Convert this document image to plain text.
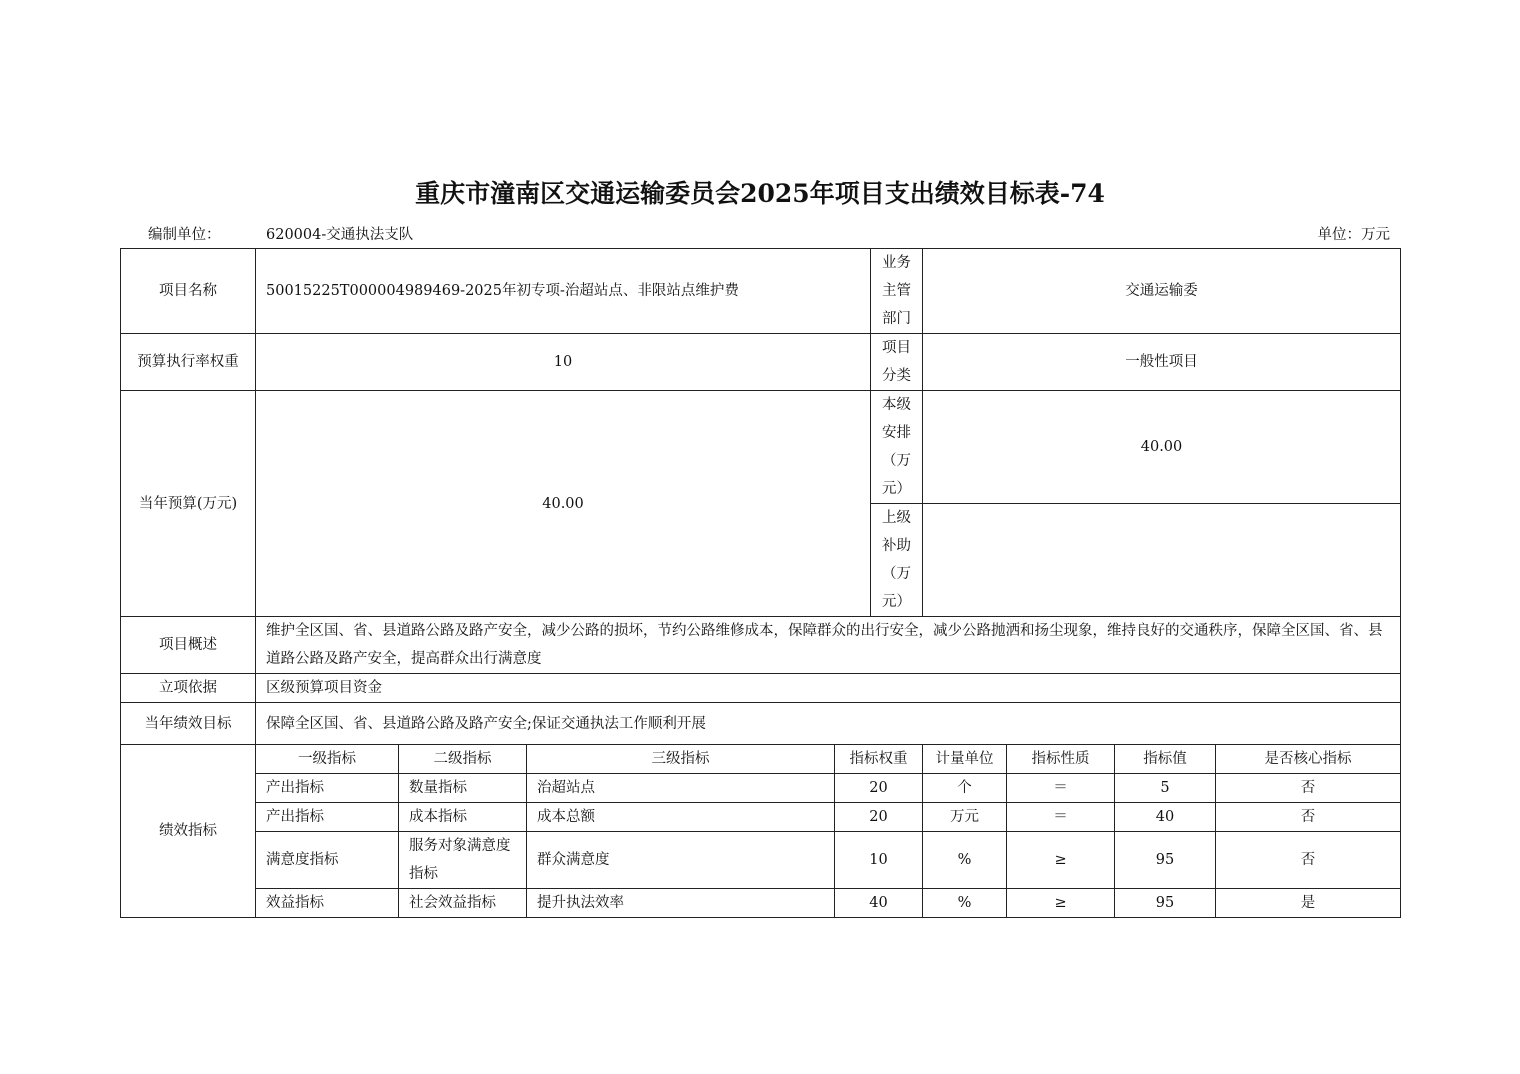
重庆市潼南区交通运输委员会2025年项目支出绩效目标表-74
编制单位：	620004-交通执法支队	单位：万元
项目名称	50015225T000004989469-2025年初专项-治超站点、非限站点维护费				业务主管部门	交通运输委			
预算执行率权重	10				项目分类	一般性项目			
当年预算(万元)	40.00				本级安排（万元）	40.00			
					上级补助（万元）				
项目概述	维护全区国、省、县道路公路及路产安全，减少公路的损坏，节约公路维修成本，保障群众的出行安全，减少公路抛洒和扬尘现象，维持良好的交通秩序，保障全区国、省、县道路公路及路产安全，提高群众出行满意度								
立项依据	区级预算项目资金								
当年绩效目标	保障全区国、省、县道路公路及路产安全;保证交通执法工作顺利开展								
绩效指标	一级指标	二级指标	三级指标	指标权重		计量单位	指标性质	指标值	是否核心指标
	产出指标	数量指标	治超站点	20		个	＝	5	否
	产出指标	成本指标	成本总额	20		万元	＝	40	否
	满意度指标	服务对象满意度指标	群众满意度	10		%	≥	95	否
	效益指标	社会效益指标	提升执法效率	40		%	≥	95	是
